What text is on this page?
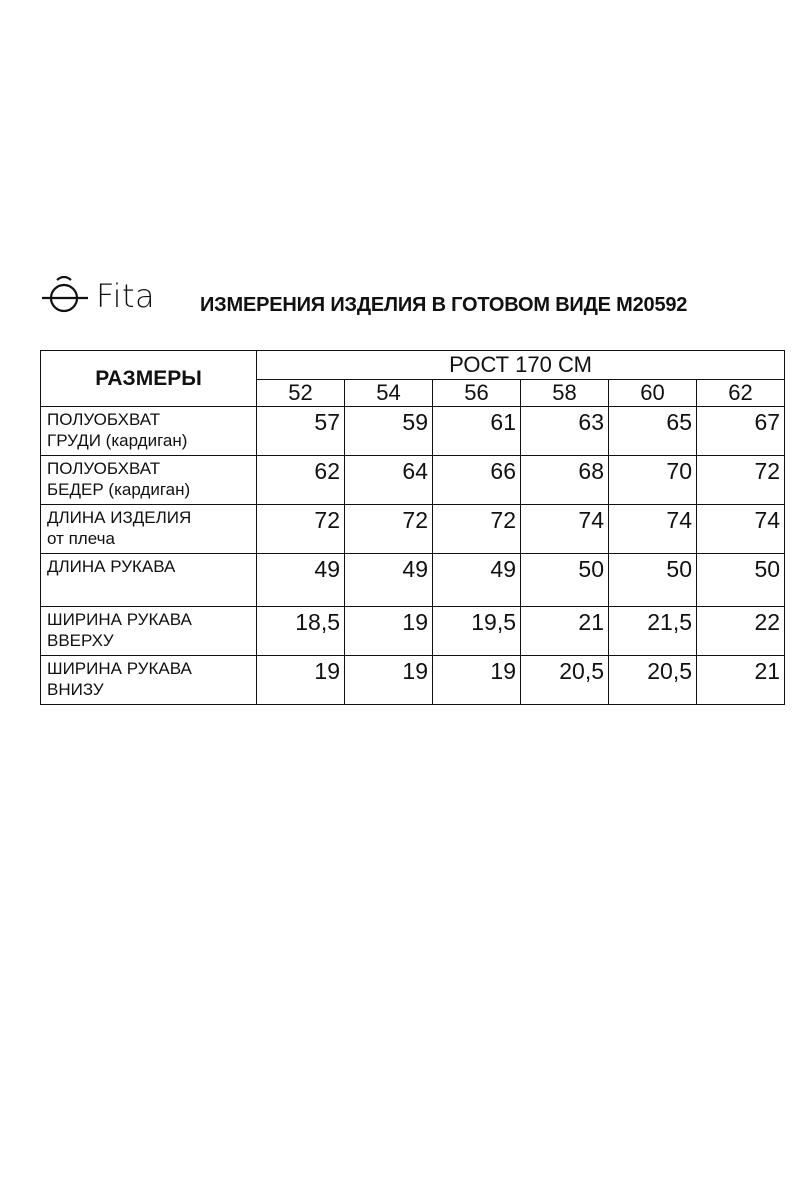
Fita ИЗМЕРЕНИЯ ИЗДЕЛИЯ В ГОТОВОМ ВИДЕ М20592
РАЗМЕРЫ	РОСТ 170 СМ					
	52	54	56	58	60	62

ПОЛУОБХВАТ
ГРУДИ (кардиган)	57	59	61	63	65	67

ПОЛУОБХВАТ
БЕДЕР (кардиган)	62	64	66	68	70	72

ДЛИНА ИЗДЕЛИЯ
от плеча	72	72	72	74	74	74

ДЛИНА РУКАВА	49	49	49	50	50	50

ШИРИНА РУКАВА
ВВЕРХУ	18,5	19	19,5	21	21,5	22

ШИРИНА РУКАВА
ВНИЗУ	19	19	19	20,5	20,5	21
